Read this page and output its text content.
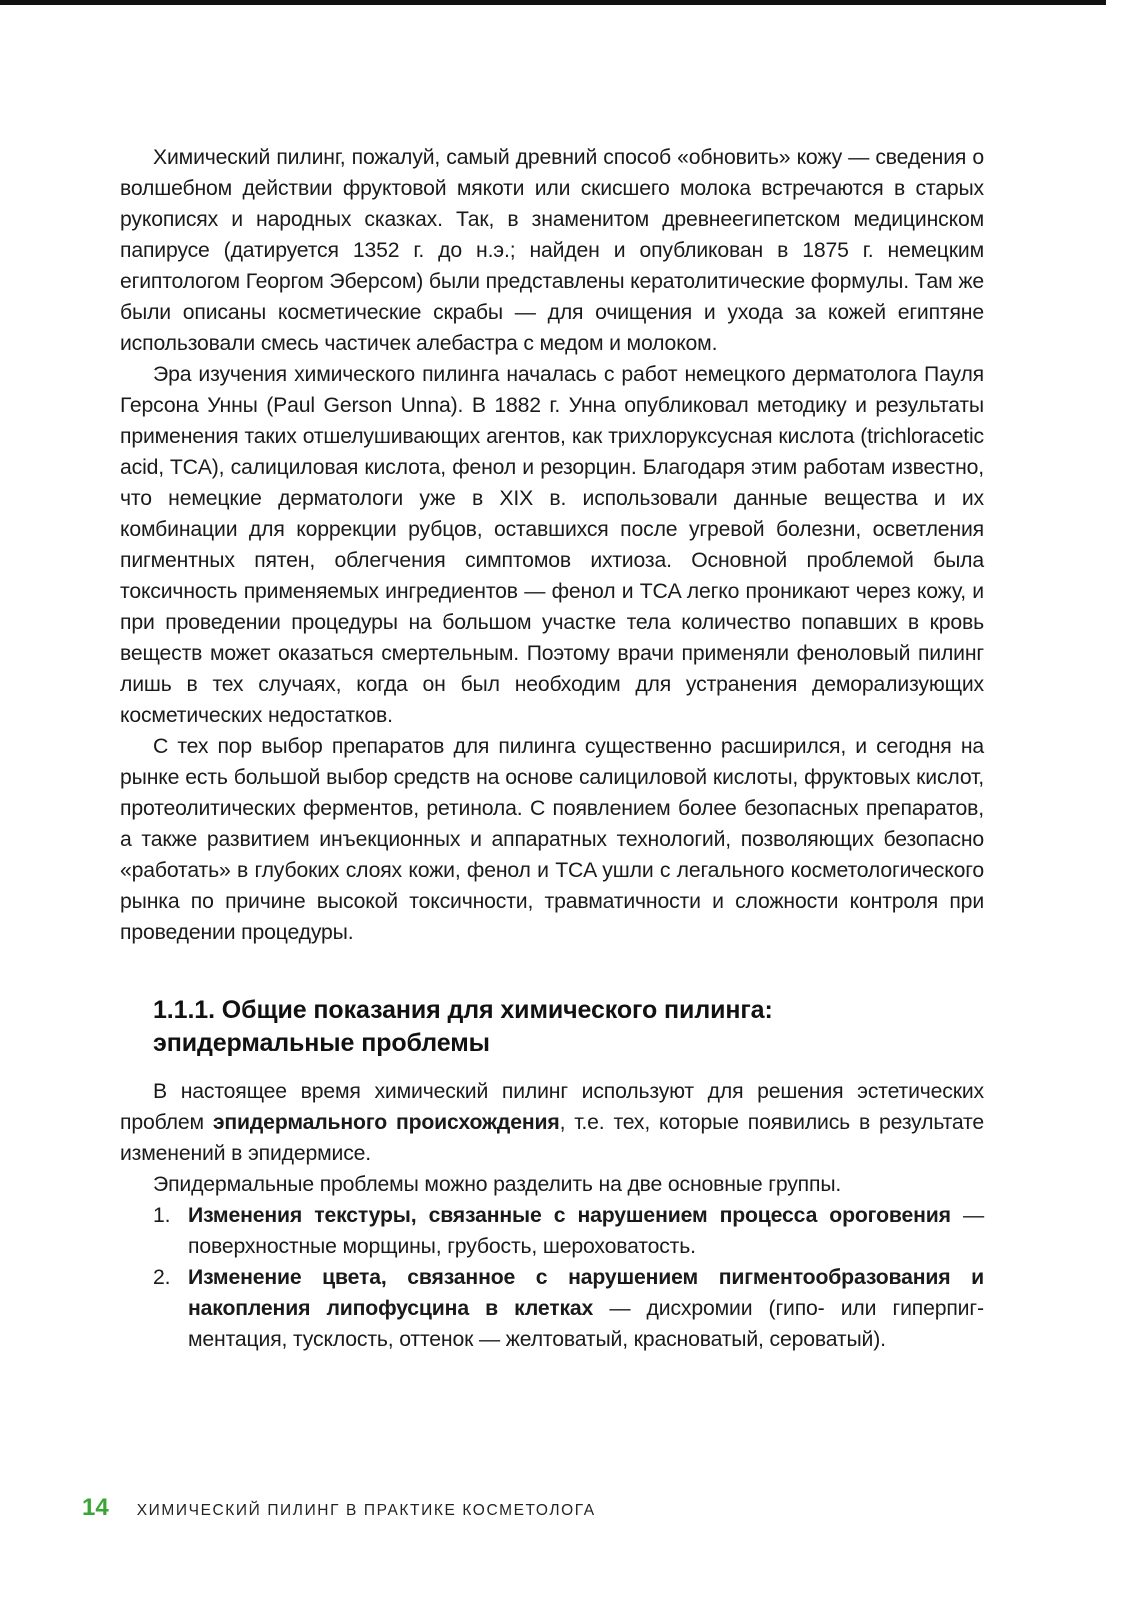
Химический пилинг, пожалуй, самый древний способ «обновить» кожу — сведения о волшебном действии фруктовой мякоти или скисшего молока встречаются в старых рукописях и народных сказках. Так, в знаменитом древнеегипетском медицинском папирусе (датируется 1352 г. до н.э.; найден и опубликован в 1875 г. немецким египтологом Георгом Эберсом) были представлены кератолитические формулы. Там же были описаны косметические скрабы — для очищения и ухода за кожей египтяне использовали смесь частичек алебастра с медом и молоком.

Эра изучения химического пилинга началась с работ немецкого дерматолога Пауля Герсона Унны (Paul Gerson Unna). В 1882 г. Унна опубликовал методику и результаты применения таких отшелушивающих агентов, как трихлоруксусная кислота (trichloracetic acid, TCA), салициловая кислота, фенол и резорцин. Благодаря этим работам известно, что немецкие дерматологи уже в XIX в. использовали данные вещества и их комбинации для коррекции рубцов, оставшихся после угревой болезни, осветления пигментных пятен, облегчения симптомов ихтиоза. Основной проблемой была токсичность применяемых ингредиентов — фенол и TCA легко проникают через кожу, и при проведении процедуры на большом участке тела количество попавших в кровь веществ может оказаться смертельным. Поэтому врачи применяли феноловый пилинг лишь в тех случаях, когда он был необходим для устранения деморализующих косметических недостатков.

С тех пор выбор препаратов для пилинга существенно расширился, и сегодня на рынке есть большой выбор средств на основе салициловой кислоты, фруктовых кислот, протеолитических ферментов, ретинола. С появлением более безопасных препаратов, а также развитием инъекционных и аппаратных технологий, позволяющих безопасно «работать» в глубоких слоях кожи, фенол и TCA ушли с легального косметологического рынка по причине высокой токсичности, травматичности и сложности контроля при проведении процедуры.

1.1.1. Общие показания для химического пилинга:
эпидермальные проблемы

В настоящее время химический пилинг используют для решения эстетических проблем эпидермального происхождения, т.е. тех, которые появились в результате изменений в эпидермисе.

Эпидермальные проблемы можно разделить на две основные группы.

1. Изменения текстуры, связанные с нарушением процесса ороговения — поверхностные морщины, грубость, шероховатость.
2. Изменение цвета, связанное с нарушением пигментообразования и накопления липофусцина в клетках — дисхромии (гипо- или гиперпигментация, тусклость, оттенок — желтоватый, красноватый, сероватый).
14 ХИМИЧЕСКИЙ ПИЛИНГ В ПРАКТИКЕ КОСМЕТОЛОГА
